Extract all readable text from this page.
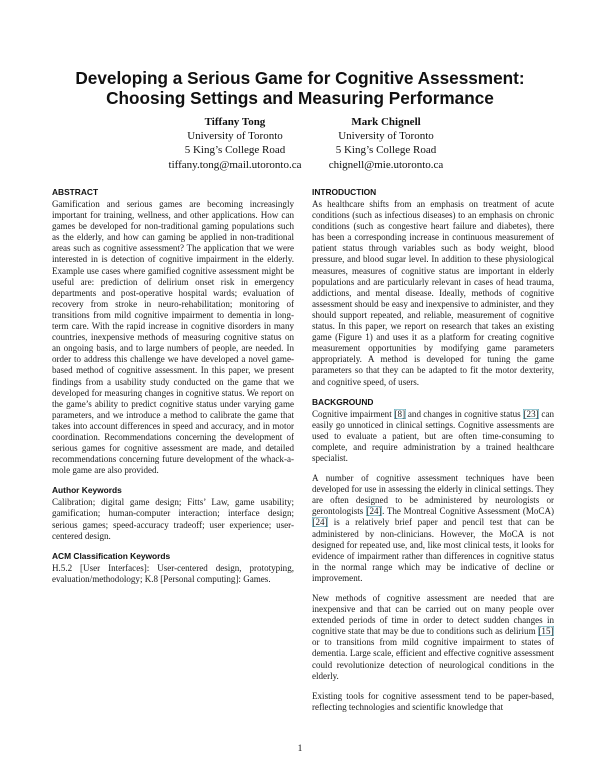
Developing a Serious Game for Cognitive Assessment:
Choosing Settings and Measuring Performance
Tiffany Tong
University of Toronto
5 King’s College Road
tiffany.tong@mail.utoronto.ca
Mark Chignell
University of Toronto
5 King’s College Road
chignell@mie.utoronto.ca
ABSTRACT

Gamification and serious games are becoming increasingly important for training, wellness, and other applications. How can games be developed for non-traditional gaming populations such as the elderly, and how can gaming be applied in non-traditional areas such as cognitive assessment? The application that we were interested in is detection of cognitive impairment in the elderly. Example use cases where gamified cognitive assessment might be useful are: prediction of delirium onset risk in emergency departments and post-operative hospital wards; evaluation of recovery from stroke in neuro-rehabilitation; monitoring of transitions from mild cognitive impairment to dementia in long-term care. With the rapid increase in cognitive disorders in many countries, inexpensive methods of measuring cognitive status on an ongoing basis, and to large numbers of people, are needed. In order to address this challenge we have developed a novel game-based method of cognitive assessment. In this paper, we present findings from a usability study conducted on the game that we developed for measuring changes in cognitive status. We report on the game’s ability to predict cognitive status under varying game parameters, and we introduce a method to calibrate the game that takes into account differences in speed and accuracy, and in motor coordination. Recommendations concerning the development of serious games for cognitive assessment are made, and detailed recommendations concerning future development of the whack-a-mole game are also provided.

Author Keywords

Calibration; digital game design; Fitts’ Law, game usability; gamification; human-computer interaction; interface design; serious games; speed-accuracy tradeoff; user experience; user-centered design.

ACM Classification Keywords

H.5.2 [User Interfaces]: User-centered design, prototyping, evaluation/methodology; K.8 [Personal computing]: Games.

INTRODUCTION

As healthcare shifts from an emphasis on treatment of acute conditions (such as infectious diseases) to an emphasis on chronic conditions (such as congestive heart failure and diabetes), there has been a corresponding increase in continuous measurement of patient status through variables such as body weight, blood pressure, and blood sugar level. In addition to these physiological measures, measures of cognitive status are important in elderly populations and are particularly relevant in cases of head trauma, addictions, and mental disease. Ideally, methods of cognitive assessment should be easy and inexpensive to administer, and they should support repeated, and reliable, measurement of cognitive status. In this paper, we report on research that takes an existing game (Figure 1) and uses it as a platform for creating cognitive measurement opportunities by modifying game parameters appropriately. A method is developed for tuning the game parameters so that they can be adapted to fit the motor dexterity, and cognitive speed, of users.

BACKGROUND

Cognitive impairment [8] and changes in cognitive status [23] can easily go unnoticed in clinical settings. Cognitive assessments are used to evaluate a patient, but are often time-consuming to complete, and require administration by a trained healthcare specialist.

A number of cognitive assessment techniques have been developed for use in assessing the elderly in clinical settings. They are often designed to be administered by neurologists or gerontologists [24]. The Montreal Cognitive Assessment (MoCA) [24] is a relatively brief paper and pencil test that can be administered by non-clinicians. However, the MoCA is not designed for repeated use, and, like most clinical tests, it looks for evidence of impairment rather than differences in cognitive status in the normal range which may be indicative of decline or improvement.

New methods of cognitive assessment are needed that are inexpensive and that can be carried out on many people over extended periods of time in order to detect sudden changes in cognitive state that may be due to conditions such as delirium [15] or to transitions from mild cognitive impairment to states of dementia. Large scale, efficient and effective cognitive assessment could revolutionize detection of neurological conditions in the elderly.

Existing tools for cognitive assessment tend to be paper-based, reflecting technologies and scientific knowledge that

1
